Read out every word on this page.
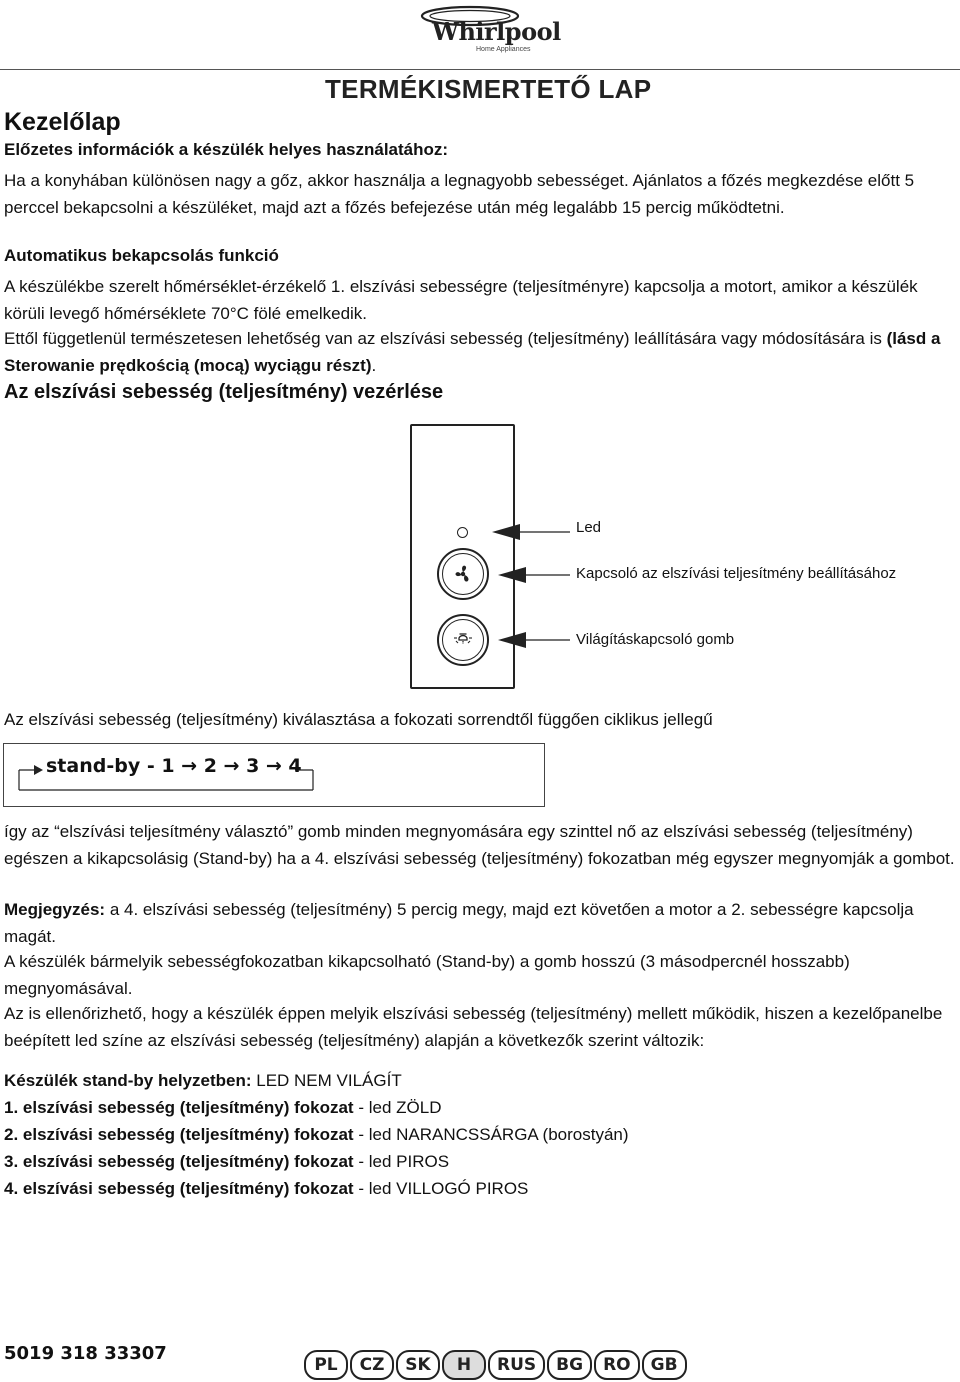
Whirlpool
Home Appliances
TERMÉKISMERTETŐ LAP
Kezelőlap
Előzetes információk a készülék helyes használatához:
Ha a konyhában különösen nagy a gőz, akkor használja a legnagyobb sebességet. Ajánlatos a főzés megkezdése előtt 5 perccel bekapcsolni a készüléket, majd azt a főzés befejezése után még legalább 15 percig működtetni.
Automatikus bekapcsolás funkció
A készülékbe szerelt hőmérséklet-érzékelő 1. elszívási sebességre (teljesítményre) kapcsolja a motort, amikor a készülék körüli levegő hőmérséklete 70°C fölé emelkedik.
Ettől függetlenül természetesen lehetőség van az elszívási sebesség (teljesítmény) leállítására vagy módosítására is (lásd a Sterowanie prędkością (mocą) wyciągu részt).
Az elszívási sebesség (teljesítmény) vezérlése
Led
Kapcsoló az elszívási teljesítmény beállításához
Világításkapcsoló gomb
Az elszívási sebesség (teljesítmény) kiválasztása a fokozati sorrendtől függően ciklikus jellegű
stand-by - 1 → 2 → 3 → 4
így az “elszívási teljesítmény választó” gomb minden megnyomására egy szinttel nő az elszívási sebesség (teljesítmény) egészen a kikapcsolásig (Stand-by) ha a 4. elszívási sebesség (teljesítmény) fokozatban még egyszer megnyomják a gombot.
Megjegyzés: a 4. elszívási sebesség (teljesítmény) 5 percig megy, majd ezt követően a motor a 2. sebességre kapcsolja magát.
A készülék bármelyik sebességfokozatban kikapcsolható (Stand-by) a gomb hosszú (3 másodpercnél hosszabb) megnyomásával.
Az is ellenőrizhető, hogy a készülék éppen melyik elszívási sebesség (teljesítmény) mellett működik, hiszen a kezelőpanelbe beépített led színe az elszívási sebesség (teljesítmény) alapján a következők szerint változik:
Készülék stand-by helyzetben: LED NEM VILÁGÍT
1. elszívási sebesség (teljesítmény) fokozat - led ZÖLD
2. elszívási sebesség (teljesítmény) fokozat - led NARANCSSÁRGA (borostyán)
3. elszívási sebesség (teljesítmény) fokozat - led PIROS
4. elszívási sebesség (teljesítmény) fokozat - led VILLOGÓ PIROS
5019 318 33307
PL	CZ	SK	H	RUS	BG	RO	GB
